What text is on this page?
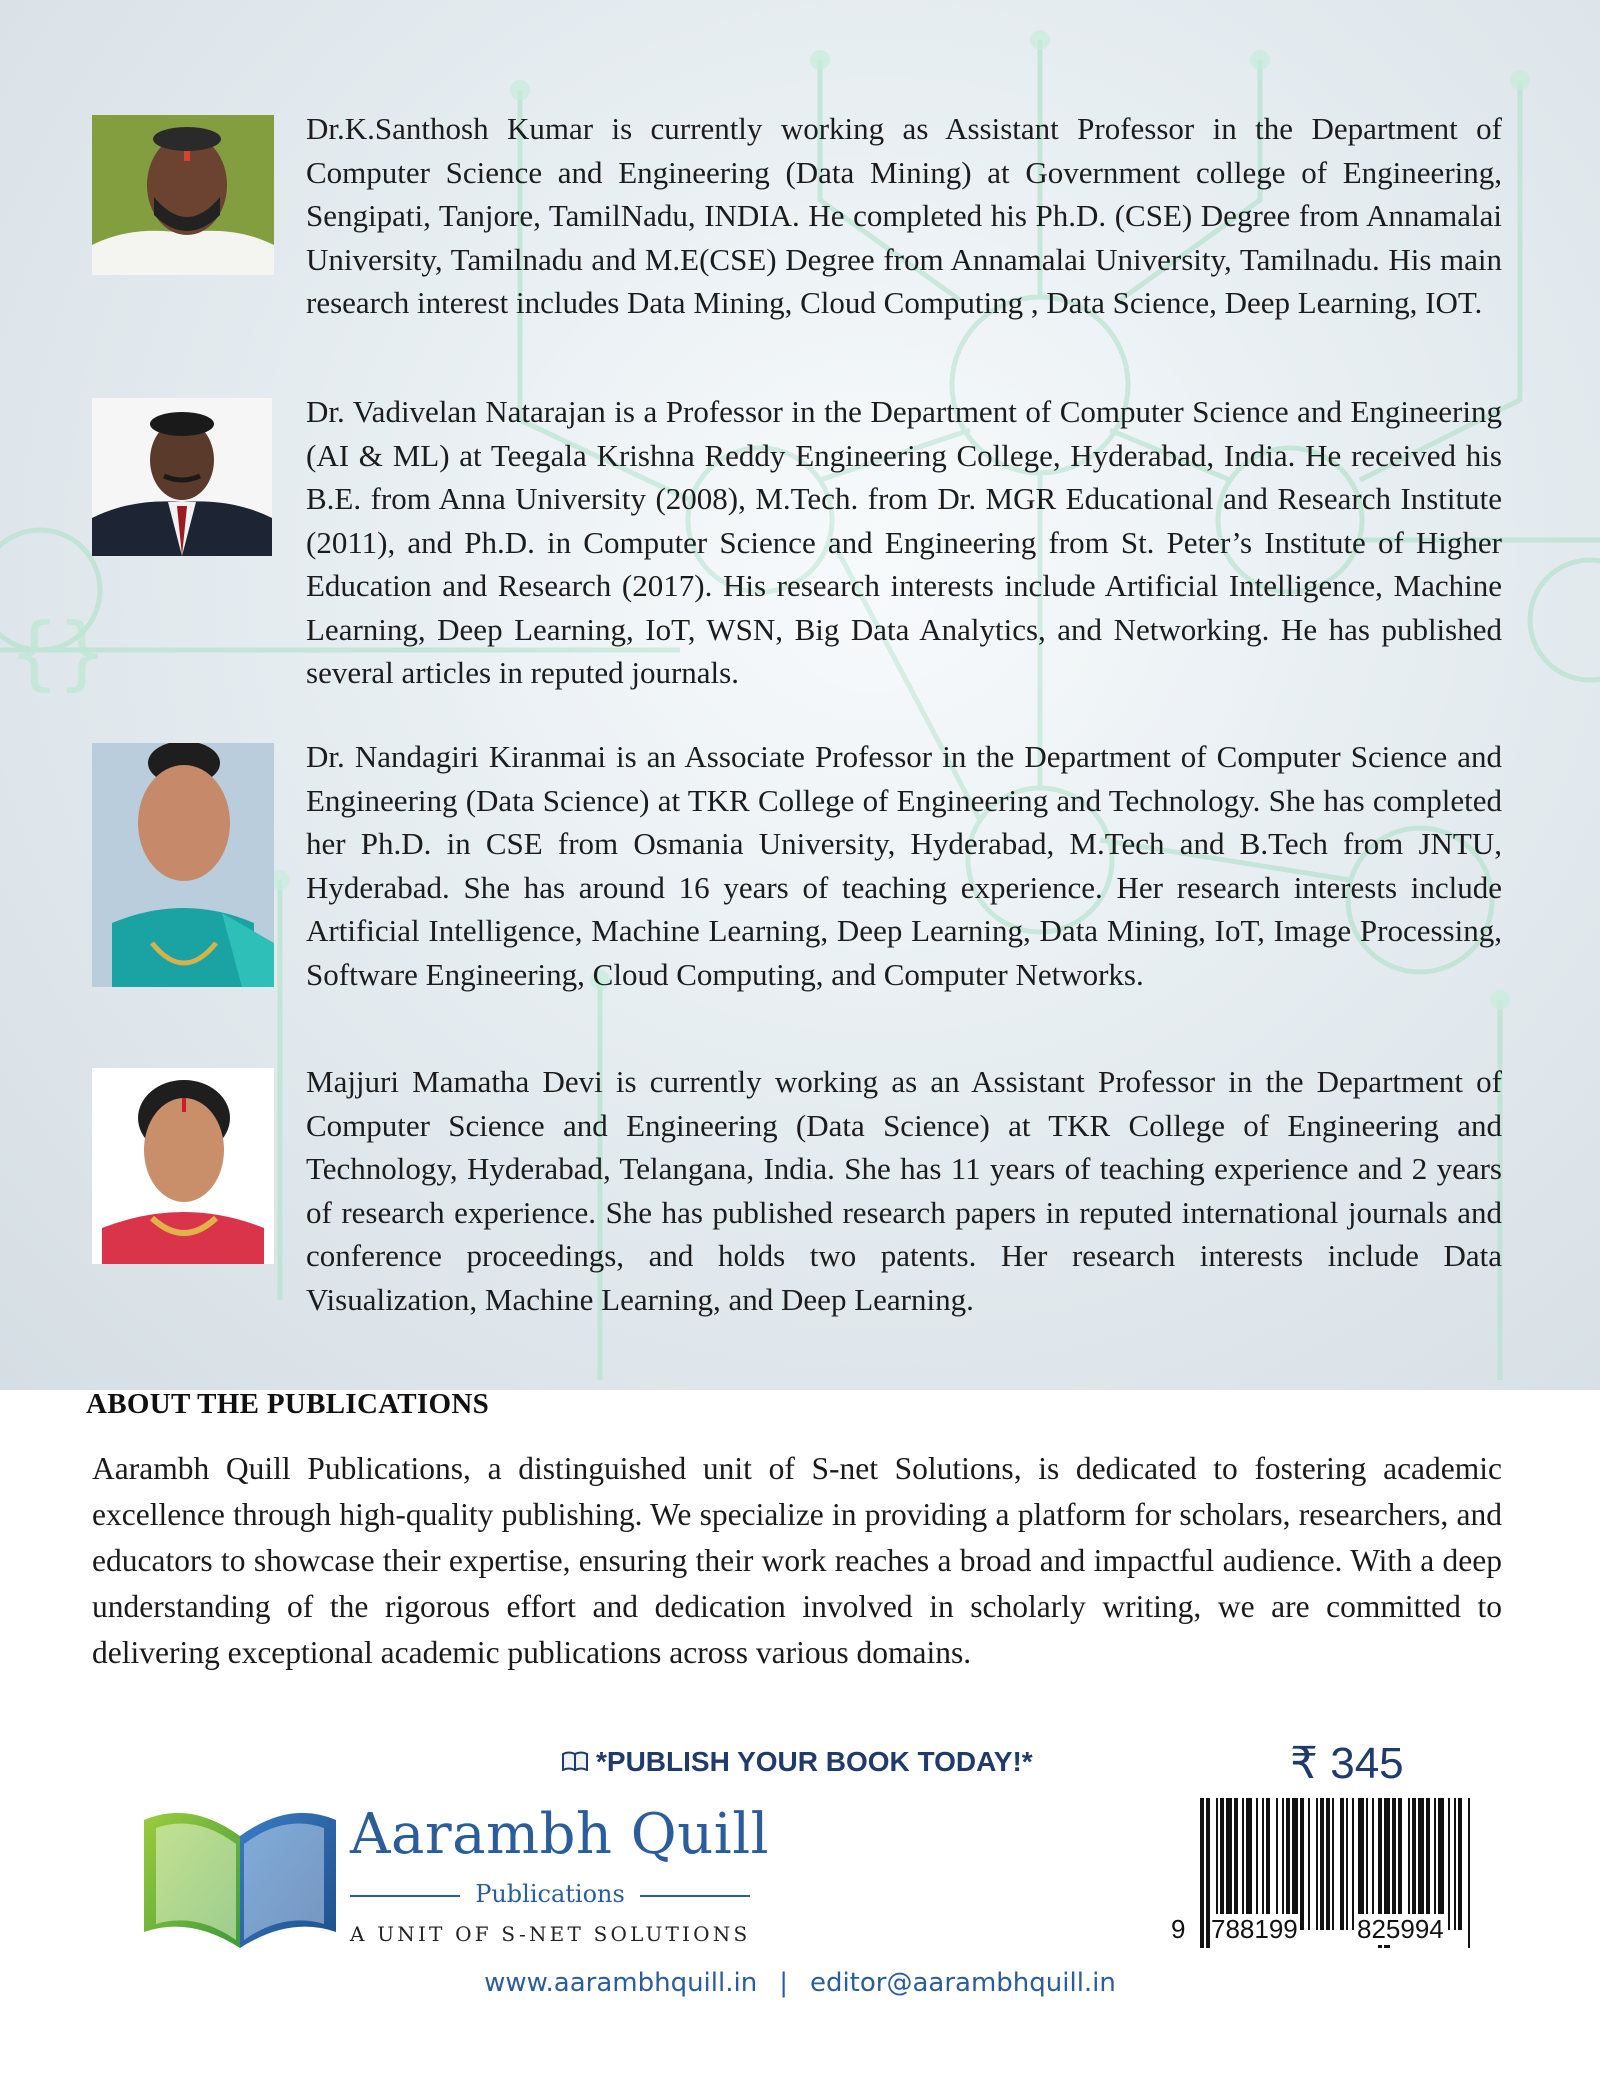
{}

Dr.K.Santhosh Kumar is currently working as Assistant Professor in the Department of Computer Science and Engineering (Data Mining) at Government college of Engineering, Sengipati, Tanjore, TamilNadu, INDIA. He completed his Ph.D. (CSE) Degree from Annamalai University, Tamilnadu and M.E(CSE) Degree from Annamalai University, Tamilnadu. His main research interest includes Data Mining, Cloud Computing , Data Science, Deep Learning, IOT.

Dr. Vadivelan Natarajan is a Professor in the Department of Computer Science and Engineering (AI & ML) at Teegala Krishna Reddy Engineering College, Hyderabad, India. He received his B.E. from Anna University (2008), M.Tech. from Dr. MGR Educational and Research Institute (2011), and Ph.D. in Computer Science and Engineering from St. Peter’s Institute of Higher Education and Research (2017). His research interests include Artificial Intelligence, Machine Learning, Deep Learning, IoT, WSN, Big Data Analytics, and Networking. He has published several articles in reputed journals.

Dr. Nandagiri Kiranmai is an Associate Professor in the Department of Computer Science and Engineering (Data Science) at TKR College of Engineering and Technology. She has completed her Ph.D. in CSE from Osmania University, Hyderabad, M.Tech and B.Tech from JNTU, Hyderabad. She has around 16 years of teaching experience. Her research interests include Artificial Intelligence, Machine Learning, Deep Learning, Data Mining, IoT, Image Processing, Software Engineering, Cloud Computing, and Computer Networks.

Majjuri Mamatha Devi is currently working as an Assistant Professor in the Department of Computer Science and Engineering (Data Science) at TKR College of Engineering and Technology, Hyderabad, Telangana, India. She has 11 years of teaching experience and 2 years of research experience. She has published research papers in reputed international journals and conference proceedings, and holds two patents. Her research interests include Data Visualization, Machine Learning, and Deep Learning.

ABOUT THE PUBLICATIONS

Aarambh Quill Publications, a distinguished unit of S-net Solutions, is dedicated to fostering academic excellence through high-quality publishing. We specialize in providing a platform for scholars, researchers, and educators to showcase their expertise, ensuring their work reaches a broad and impactful audience. With a deep understanding of the rigorous effort and dedication involved in scholarly writing, we are committed to delivering exceptional academic publications across various domains.

*PUBLISH YOUR BOOK TODAY!*
Aarambh Quill
Publications
A UNIT OF S-NET SOLUTIONS
₹ 345
9 788199 825994
www.aarambhquill.in | editor@aarambhquill.in
